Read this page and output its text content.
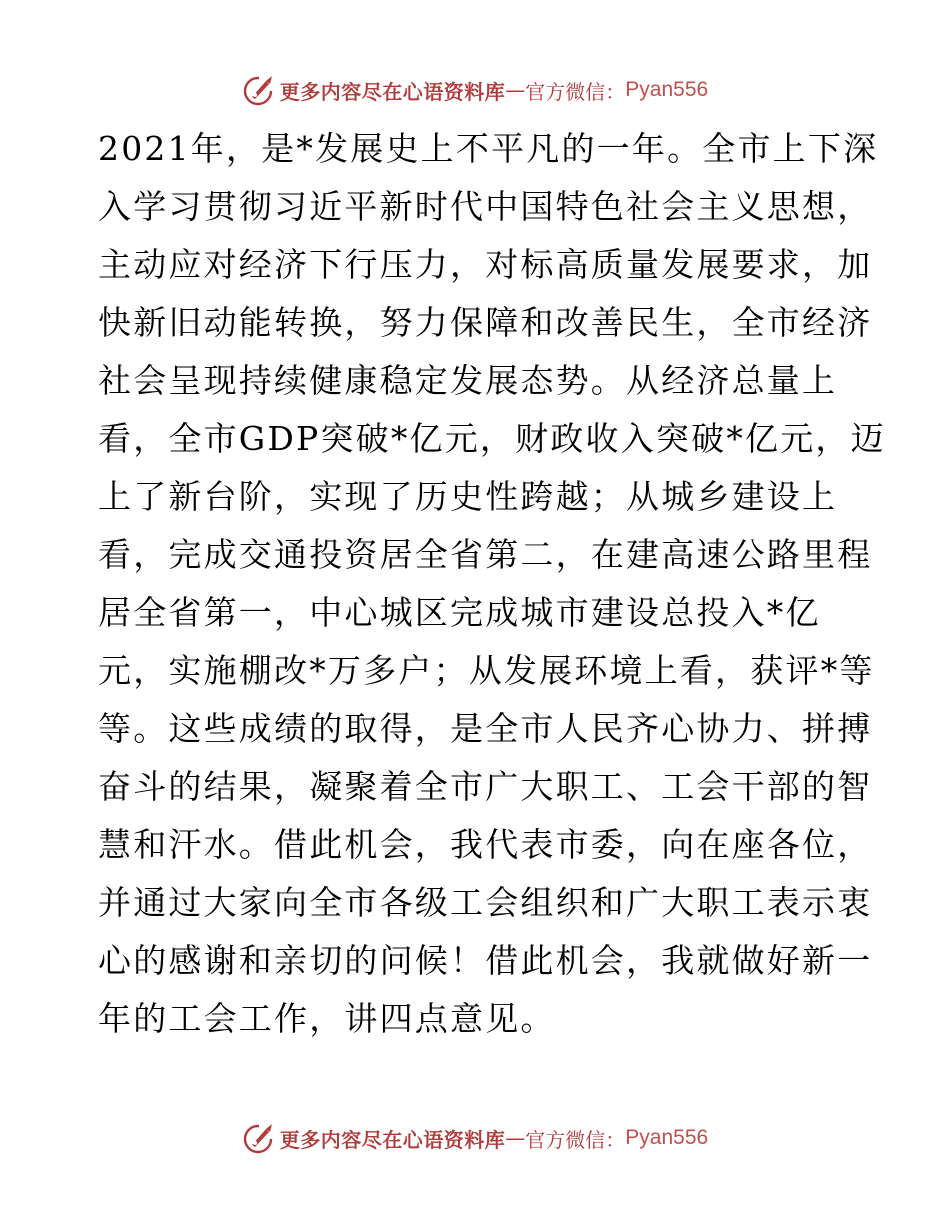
更多内容尽在心语资料库 — 官方微信： Pyan556
2021年，是*发展史上不平凡的一年。全市上下深
入学习贯彻习近平新时代中国特色社会主义思想，
主动应对经济下行压力，对标高质量发展要求，加
快新旧动能转换，努力保障和改善民生，全市经济
社会呈现持续健康稳定发展态势。从经济总量上
看，全市GDP突破*亿元，财政收入突破*亿元，迈
上了新台阶，实现了历史性跨越；从城乡建设上
看，完成交通投资居全省第二，在建高速公路里程
居全省第一，中心城区完成城市建设总投入*亿
元，实施棚改*万多户；从发展环境上看，获评*等
等。这些成绩的取得，是全市人民齐心协力、拼搏
奋斗的结果，凝聚着全市广大职工、工会干部的智
慧和汗水。借此机会，我代表市委，向在座各位，
并通过大家向全市各级工会组织和广大职工表示衷
心的感谢和亲切的问候！借此机会，我就做好新一
年的工会工作，讲四点意见。
更多内容尽在心语资料库 — 官方微信： Pyan556
